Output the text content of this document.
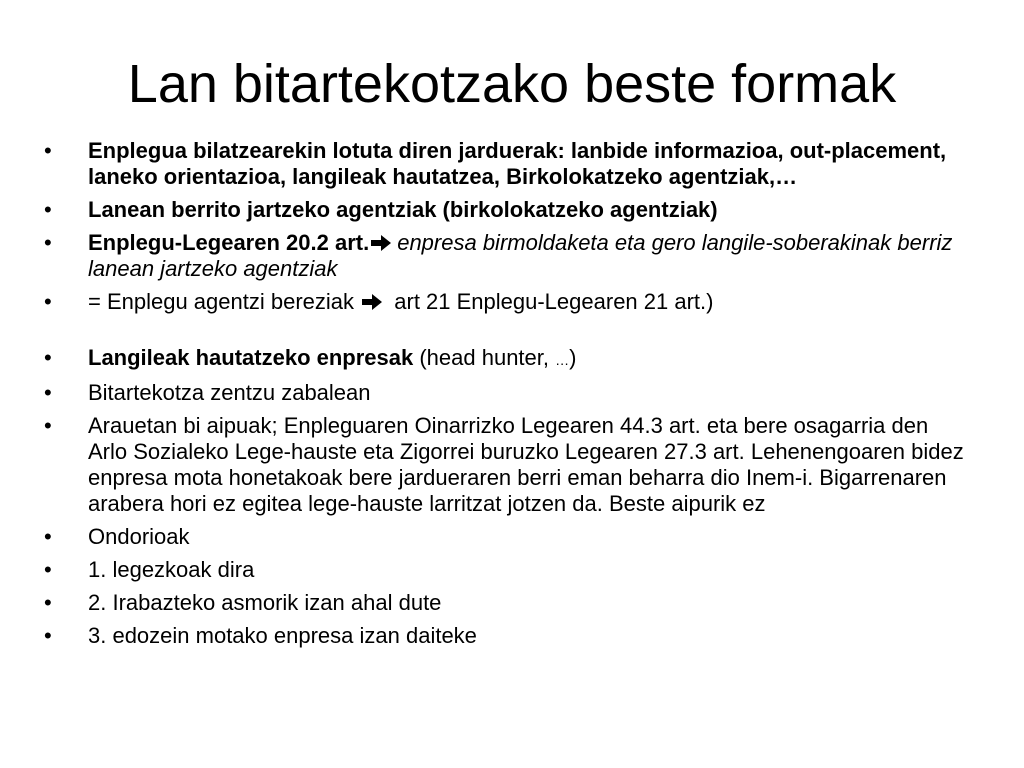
Lan bitartekotzako beste formak
•	Enplegua bilatzearekin lotuta diren jarduerak: lanbide informazioa, out-placement, laneko orientazioa, langileak hautatzea, Birkolokatzeko agentziak,…
•	Lanean berrito jartzeko agentziak (birkolokatzeko agentziak)
•	Enplegu-Legearen 20.2 art. enpresa birmoldaketa eta gero langile-soberakinak berriz lanean jartzeko agentziak
•	= Enplegu agentzi bereziak
art 21 Enplegu-Legearen 21 art.)
•	Langileak hautatzeko enpresak (head hunter, …)
•	Bitartekotza zentzu zabalean
•	Arauetan bi aipuak; Enpleguaren Oinarrizko Legearen 44.3 art. eta bere osagarria den Arlo Sozialeko Lege-hauste eta Zigorrei buruzko Legearen 27.3 art. Lehenengoaren bidez enpresa mota honetakoak bere jardueraren berri eman beharra dio Inem-i. Bigarrenaren arabera hori ez egitea lege-hauste larritzat jotzen da. Beste aipurik ez
•	Ondorioak
•	1. legezkoak dira
•	2. Irabazteko asmorik izan ahal dute
•	3. edozein motako enpresa izan daiteke
